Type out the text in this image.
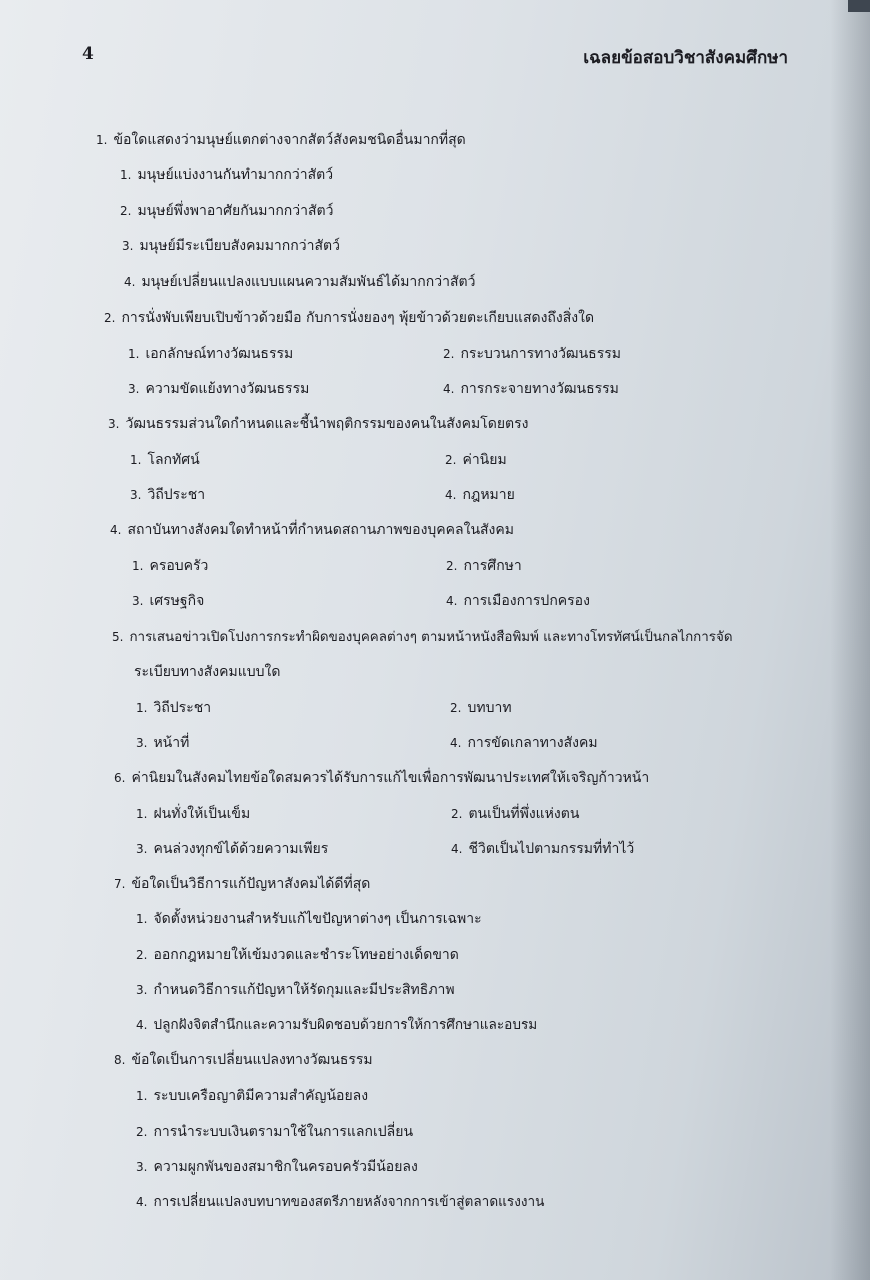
4	เฉลยข้อสอบวิชาสังคมศึกษา
1. ข้อใดแสดงว่ามนุษย์แตกต่างจากสัตว์สังคมชนิดอื่นมากที่สุด
1. มนุษย์แบ่งงานกันทำมากกว่าสัตว์
2. มนุษย์พึ่งพาอาศัยกันมากกว่าสัตว์
3. มนุษย์มีระเบียบสังคมมากกว่าสัตว์
4. มนุษย์เปลี่ยนแปลงแบบแผนความสัมพันธ์ได้มากกว่าสัตว์
2. การนั่งพับเพียบเปิบข้าวด้วยมือ กับการนั่งยองๆ พุ้ยข้าวด้วยตะเกียบแสดงถึงสิ่งใด
1. เอกลักษณ์ทางวัฒนธรรม	2. กระบวนการทางวัฒนธรรม
3. ความขัดแย้งทางวัฒนธรรม	4. การกระจายทางวัฒนธรรม
3. วัฒนธรรมส่วนใดกำหนดและชี้นำพฤติกรรมของคนในสังคมโดยตรง
1. โลกทัศน์	2. ค่านิยม
3. วิถีประชา	4. กฎหมาย
4. สถาบันทางสังคมใดทำหน้าที่กำหนดสถานภาพของบุคคลในสังคม
1. ครอบครัว	2. การศึกษา
3. เศรษฐกิจ	4. การเมืองการปกครอง
5. การเสนอข่าวเปิดโปงการกระทำผิดของบุคคลต่างๆ ตามหน้าหนังสือพิมพ์ และทางโทรทัศน์เป็นกลไกการจัด
ระเบียบทางสังคมแบบใด
1. วิถีประชา	2. บทบาท
3. หน้าที่	4. การขัดเกลาทางสังคม
6. ค่านิยมในสังคมไทยข้อใดสมควรได้รับการแก้ไขเพื่อการพัฒนาประเทศให้เจริญก้าวหน้า
1. ฝนทั่งให้เป็นเข็ม	2. ตนเป็นที่พึ่งแห่งตน
3. คนล่วงทุกข์ได้ด้วยความเพียร	4. ชีวิตเป็นไปตามกรรมที่ทำไว้
7. ข้อใดเป็นวิธีการแก้ปัญหาสังคมได้ดีที่สุด
1. จัดตั้งหน่วยงานสำหรับแก้ไขปัญหาต่างๆ เป็นการเฉพาะ
2. ออกกฎหมายให้เข้มงวดและชำระโทษอย่างเด็ดขาด
3. กำหนดวิธีการแก้ปัญหาให้รัดกุมและมีประสิทธิภาพ
4. ปลูกฝังจิตสำนึกและความรับผิดชอบด้วยการให้การศึกษาและอบรม
8. ข้อใดเป็นการเปลี่ยนแปลงทางวัฒนธรรม
1. ระบบเครือญาติมีความสำคัญน้อยลง
2. การนำระบบเงินตรามาใช้ในการแลกเปลี่ยน
3. ความผูกพันของสมาชิกในครอบครัวมีน้อยลง
4. การเปลี่ยนแปลงบทบาทของสตรีภายหลังจากการเข้าสู่ตลาดแรงงาน
